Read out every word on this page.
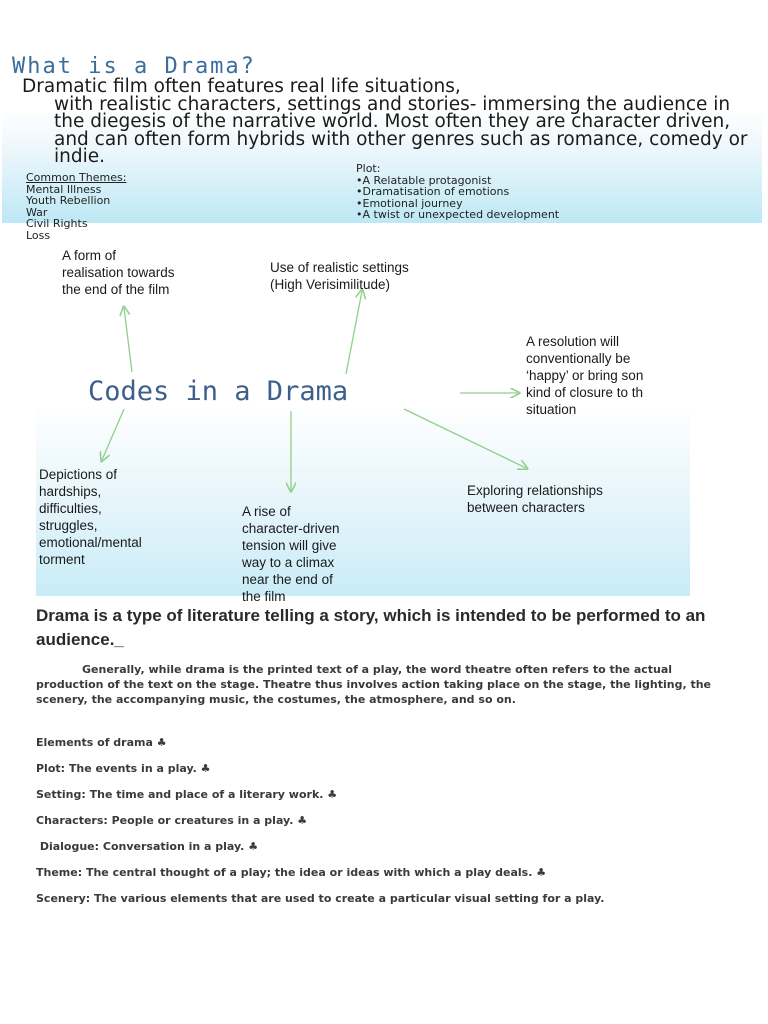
What is a Drama?
Dramatic film often features real life situations,
with realistic characters, settings and stories- immersing the audience in the diegesis of the narrative world. Most often they are character driven, and can often form hybrids with other genres such as romance, comedy or indie.
Common Themes:
Mental Illness
Youth Rebellion
War
Civil Rights
Loss
Plot:
•A Relatable protagonist
•Dramatisation of emotions
•Emotional journey
•A twist or unexpected development
Codes in a Drama
A form of
realisation towards
the end of the film
Use of realistic settings
(High Verisimilitude)
A resolution will
conventionally be
‘happy’ or bring son
kind of closure to th
situation
Depictions of
hardships,
difficulties,
struggles,
emotional/mental
torment
A rise of
character-driven
tension will give
way to a climax
near the end of
the film
Exploring relationships
between characters
Drama is a type of literature telling a story, which is intended to be performed to an audience._
Generally, while drama is the printed text of a play, the word theatre often refers to the actual production of the text on the stage. Theatre thus involves action taking place on the stage, the lighting, the scenery, the accompanying music, the costumes, the atmosphere, and so on.
Elements of drama ♣
Plot: The events in a play. ♣
Setting: The time and place of a literary work. ♣
Characters: People or creatures in a play. ♣
Dialogue: Conversation in a play. ♣
Theme: The central thought of a play; the idea or ideas with which a play deals. ♣
Scenery: The various elements that are used to create a particular visual setting for a play.
